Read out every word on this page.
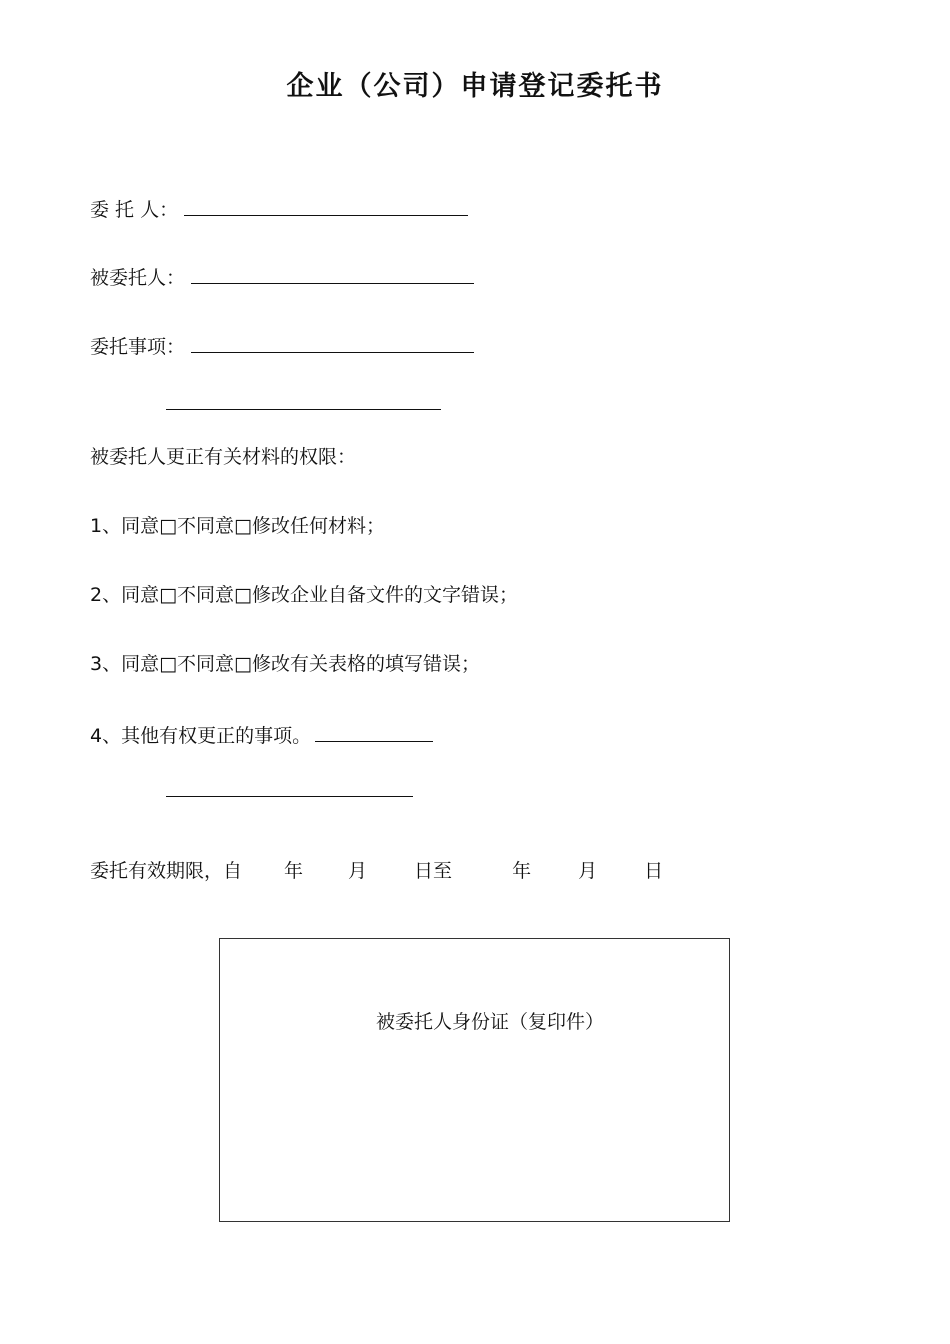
企业（公司）申请登记委托书
委 托 人：
被委托人：
委托事项：
被委托人更正有关材料的权限：
1、同意□不同意□修改任何材料；
2、同意□不同意□修改企业自备文件的文字错误；
3、同意□不同意□修改有关表格的填写错误；
4、其他有权更正的事项。
委托有效期限，自 年 月 日至	年 月 日
被委托人身份证（复印件）
